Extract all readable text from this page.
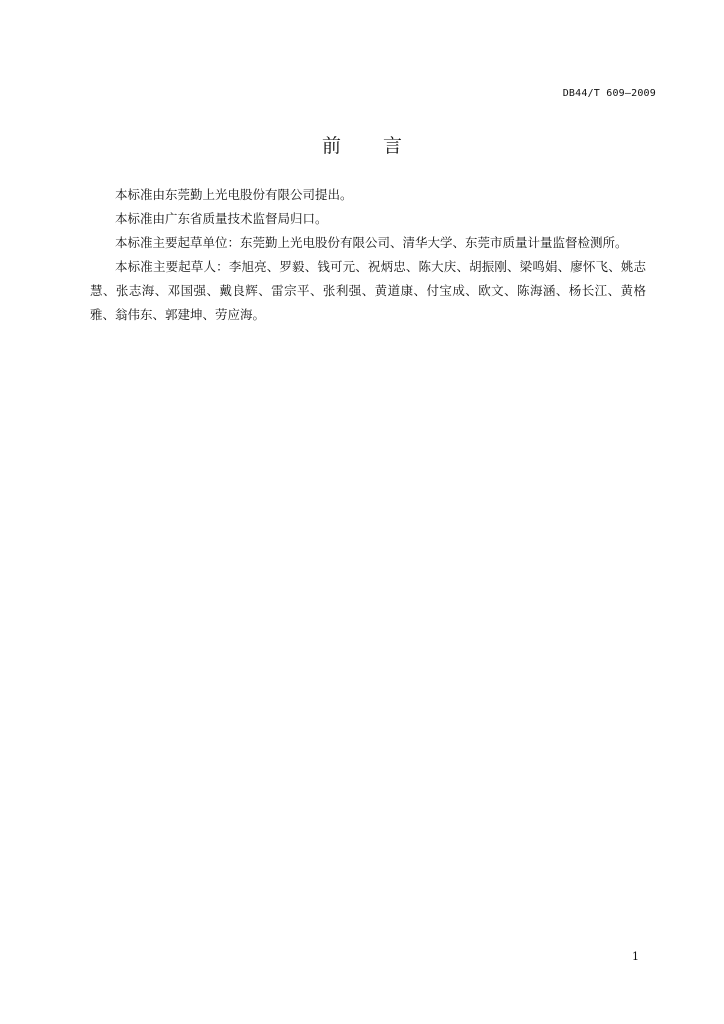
DB44/T 609—2009
前 言

本标准由东莞勤上光电股份有限公司提出。

本标准由广东省质量技术监督局归口。

本标准主要起草单位：东莞勤上光电股份有限公司、清华大学、东莞市质量计量监督检测所。

本标准主要起草人：李旭亮、罗毅、钱可元、祝炳忠、陈大庆、胡振刚、梁鸣娟、廖怀飞、姚志慧、张志海、邓国强、戴良辉、雷宗平、张利强、黄道康、付宝成、欧文、陈海涵、杨长江、黄格雅、翁伟东、郭建坤、劳应海。

1
